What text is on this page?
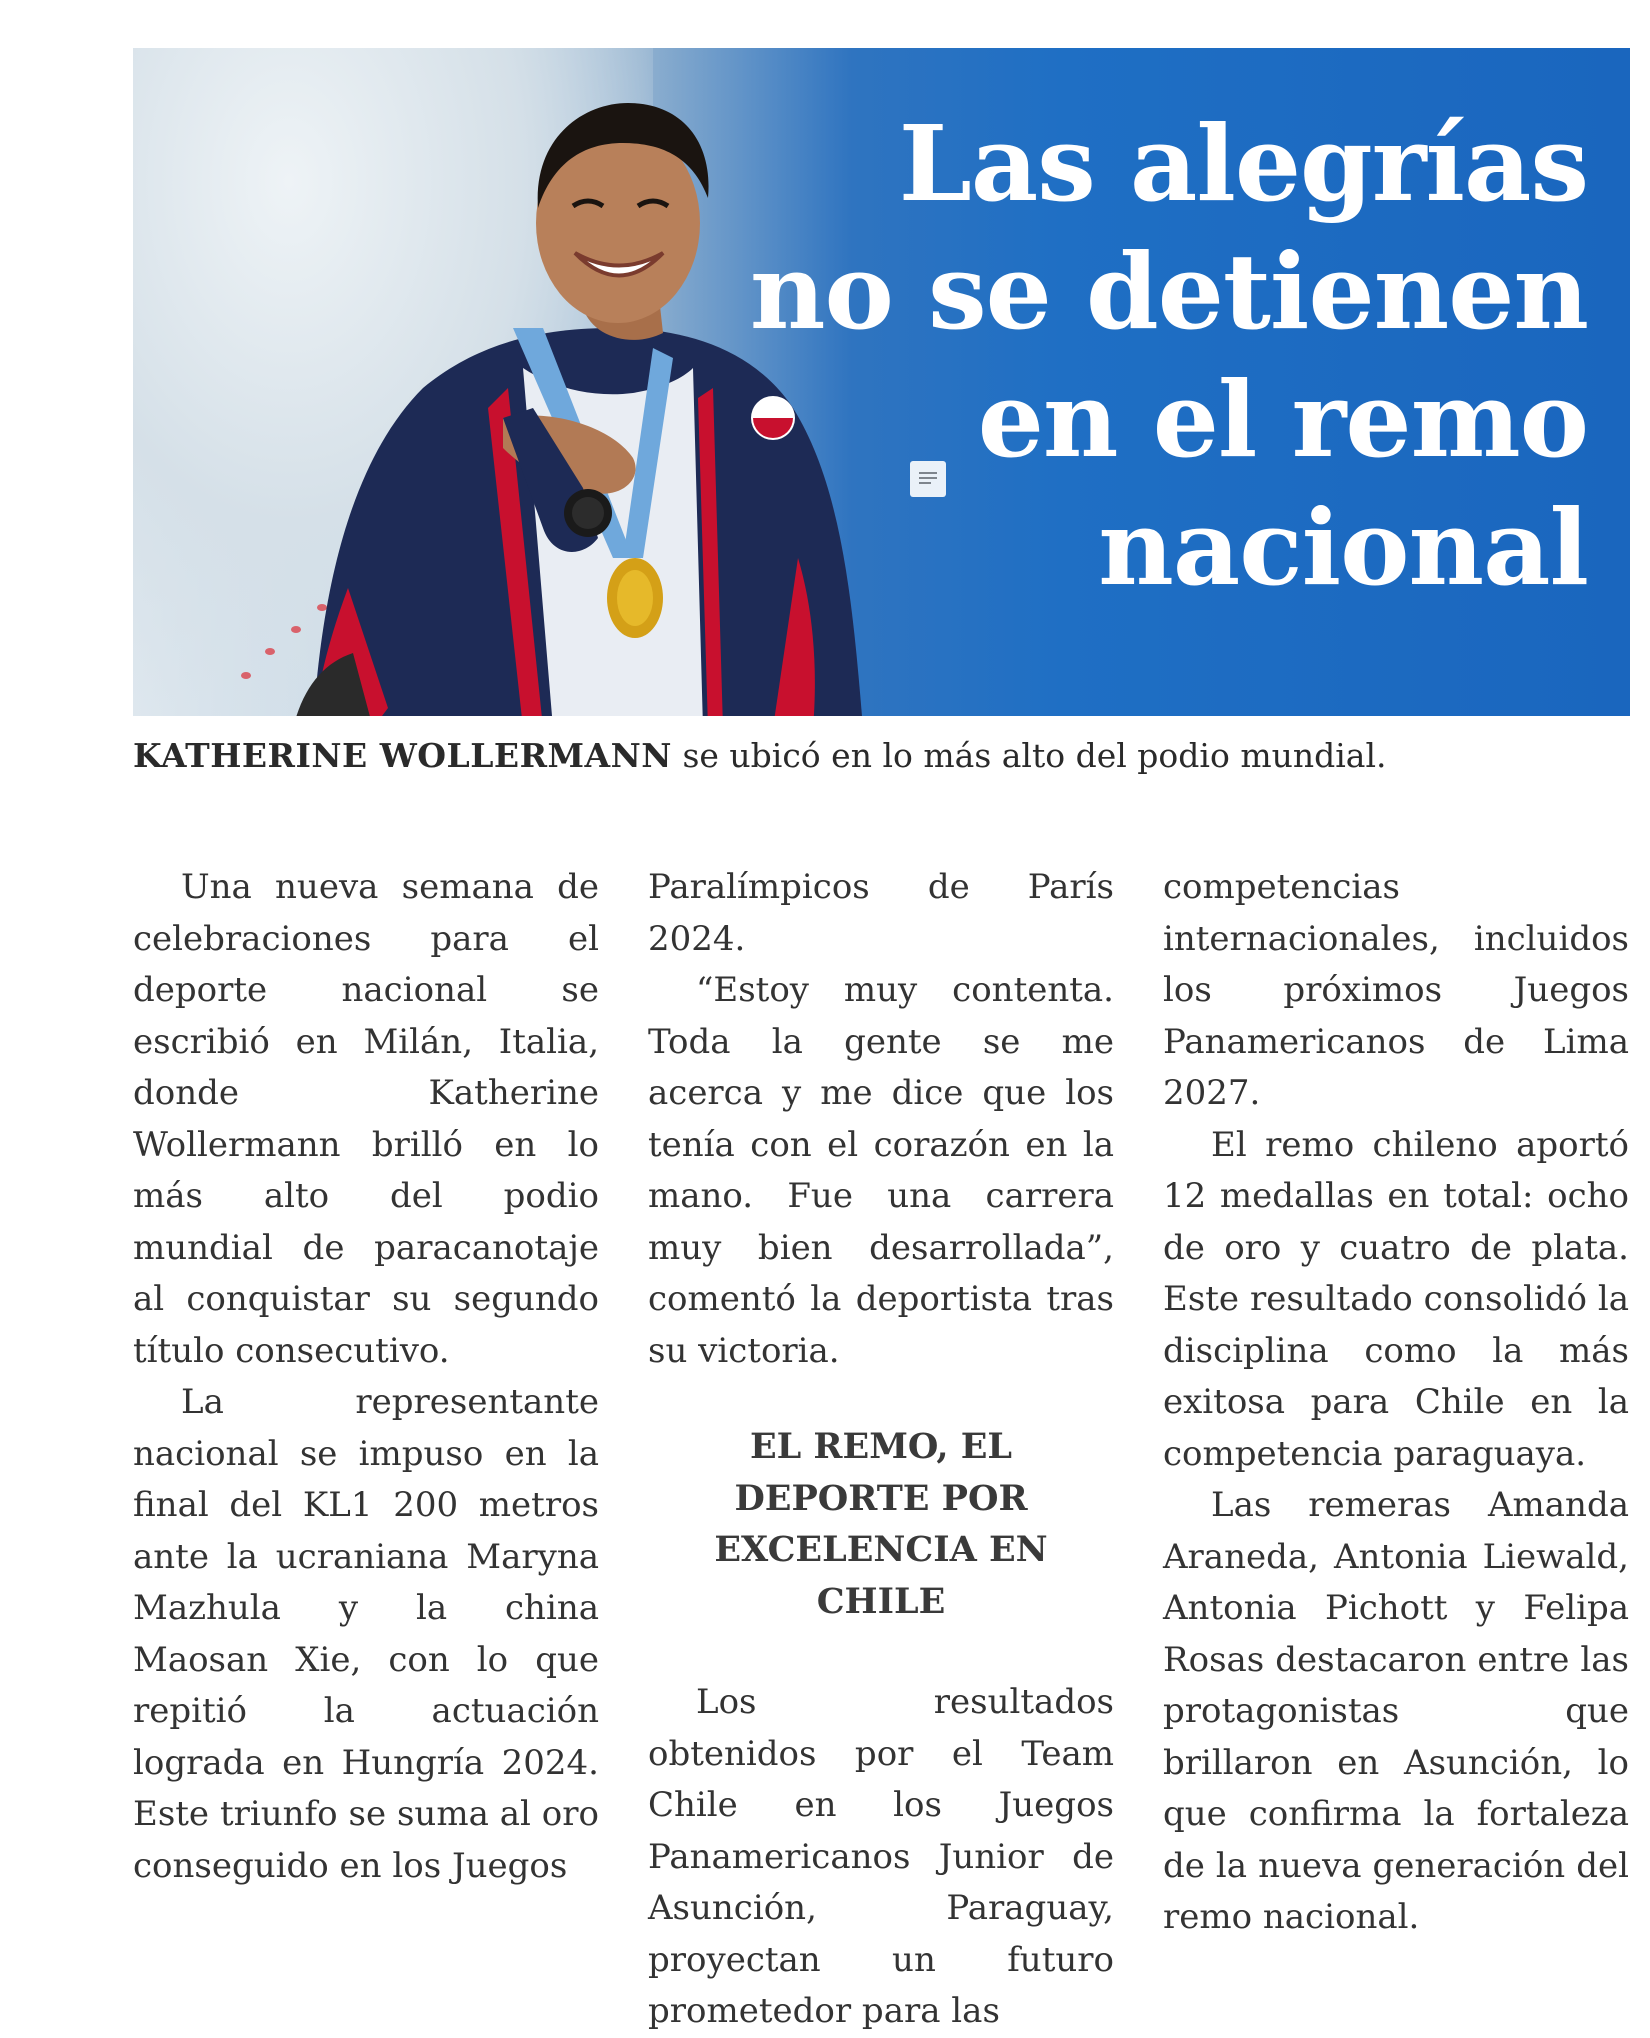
Las alegrías no se detienen en el remo nacional
KATHERINE WOLLERMANN se ubicó en lo más alto del podio mundial.

Una nueva semana de celebraciones para el deporte nacional se escribió en Milán, Italia, donde Katherine Wollermann brilló en lo más alto del podio mundial de paracanotaje al conquistar su segundo título consecutivo.

La representante nacional se impuso en la final del KL1 200 metros ante la ucraniana Maryna Mazhula y la china Maosan Xie, con lo que repitió la actuación lograda en Hungría 2024. Este triunfo se suma al oro conseguido en los Juegos

Paralímpicos de París 2024.

“Estoy muy contenta. Toda la gente se me acerca y me dice que los tenía con el corazón en la mano. Fue una carrera muy bien desarrollada”, comentó la deportista tras su victoria.

EL REMO, EL DEPORTE POR EXCELENCIA EN CHILE

Los resultados obtenidos por el Team Chile en los Juegos Panamericanos Junior de Asunción, Paraguay, proyectan un futuro prometedor para las

competencias internacionales, incluidos los próximos Juegos Panamericanos de Lima 2027.

El remo chileno aportó 12 medallas en total: ocho de oro y cuatro de plata. Este resultado consolidó la disciplina como la más exitosa para Chile en la competencia paraguaya.

Las remeras Amanda Araneda, Antonia Liewald, Antonia Pichott y Felipa Rosas destacaron entre las protagonistas que brillaron en Asunción, lo que confirma la fortaleza de la nueva generación del remo nacional.
